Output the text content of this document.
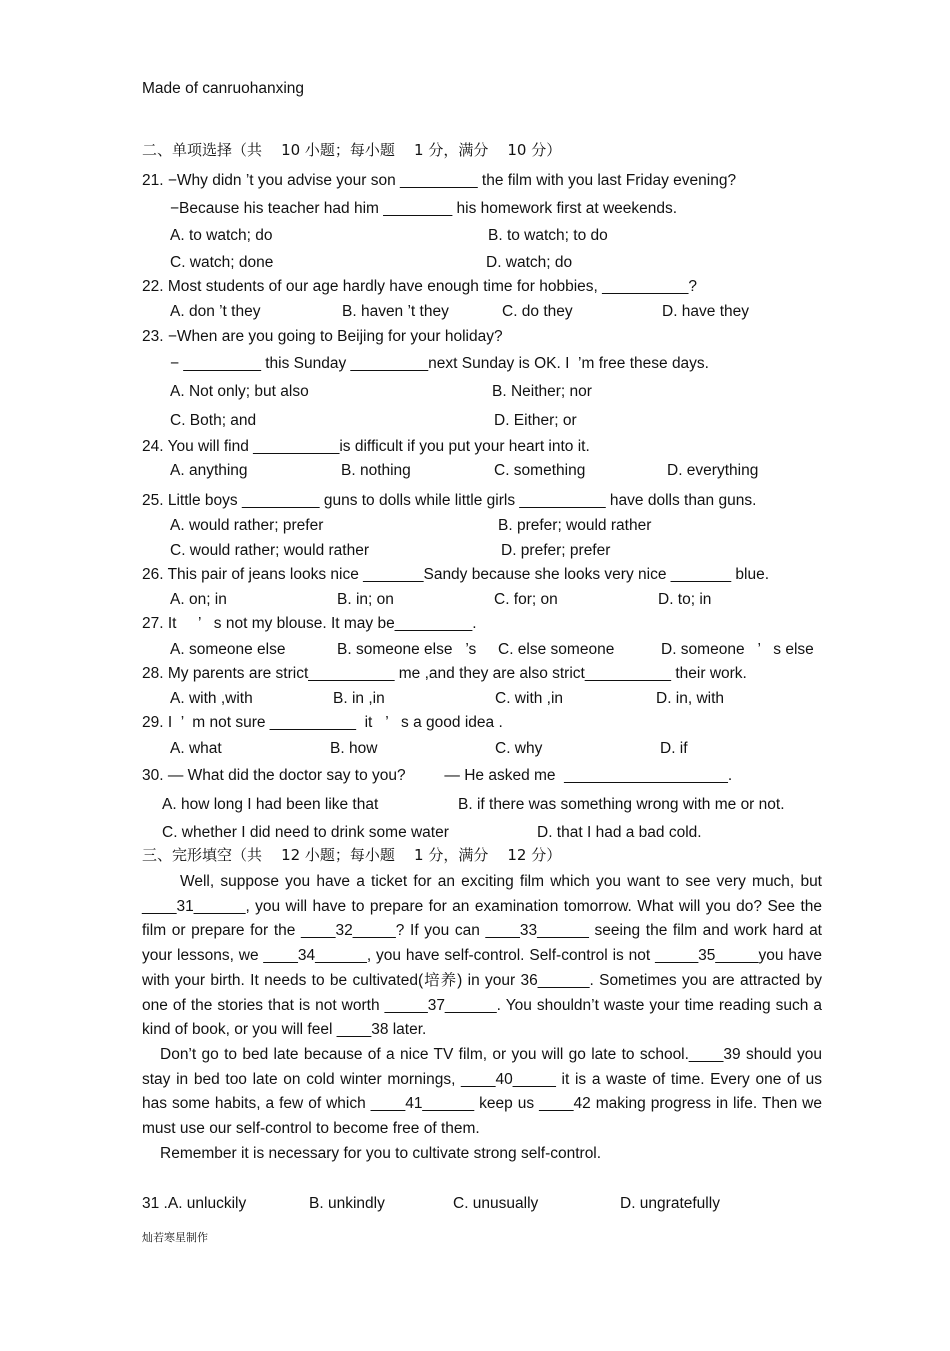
Made of canruohanxing
二、单项选择（共    10 小题；每小题    1 分，满分    10 分）
21. −Why didn ’t you advise your son _________ the film with you last Friday evening?
−Because his teacher had him ________ his homework first at weekends.
A. to watch; do	B. to watch; to do
C. watch; done	D. watch; do
22. Most students of our age hardly have enough time for hobbies, __________?
A. don ’t they	B. haven ’t they	C. do they	D. have they
23. −When are you going to Beijing for your holiday?
− _________ this Sunday _________next Sunday is OK. I  ’m free these days.
A. Not only; but also	B. Neither; nor
C. Both; and	D. Either; or
24. You will find __________is difficult if you put your heart into it.
A. anything	B. nothing	C. something	D. everything
25. Little boys _________ guns to dolls while little girls __________ have dolls than guns.
A. would rather; prefer	B. prefer; would rather
C. would rather; would rather	D. prefer; prefer
26. This pair of jeans looks nice _______Sandy because she looks very nice _______ blue.
A. on; in	B. in; on	C. for; on	D. to; in
27. It     ’   s not my blouse. It may be_________.
A. someone else	B. someone else   ’s C. else someone	D. someone   ’   s else
28. My parents are strict__________ me ,and they are also strict__________ their work.
A. with ,with	B. in ,in	C. with ,in	D. in, with
29. I  ’  m not sure __________  it   ’   s a good idea .
A. what	B. how	C. why	D. if
30. — What did the doctor say to you?         — He asked me  ___________________.
A. how long I had been like that	B. if there was something wrong with me or not.
C. whether I did need to drink some water	D. that I had a bad cold.
三、完形填空（共    12 小题；每小题    1 分，满分    12 分）

Well, suppose you have a ticket for an exciting film which you want to see very much, but ____31______, you will have to prepare for an examination tomorrow. What will you do? See the film or prepare for the ____32_____? If you can ____33______ seeing the film and work hard at your lessons, we ____34______, you have self-control. Self-control is not _____35_____you have with your birth. It needs to be cultivated(培养) in your 36______. Sometimes you are attracted by one of the stories that is not worth _____37______. You shouldn’t waste your time reading such a kind of book, or you will feel ____38 later.

Don’t go to bed late because of a nice TV film, or you will go late to school.____39 should you stay in bed too late on cold winter mornings, ____40_____ it is a waste of time. Every one of us has some habits, a few of which ____41______ keep us ____42 making progress in life. Then we must use our self-control to become free of them.

Remember it is necessary for you to cultivate strong self-control.

31 .A. unluckily	B. unkindly	C. unusually	D. ungratefully
灿若寒星制作
